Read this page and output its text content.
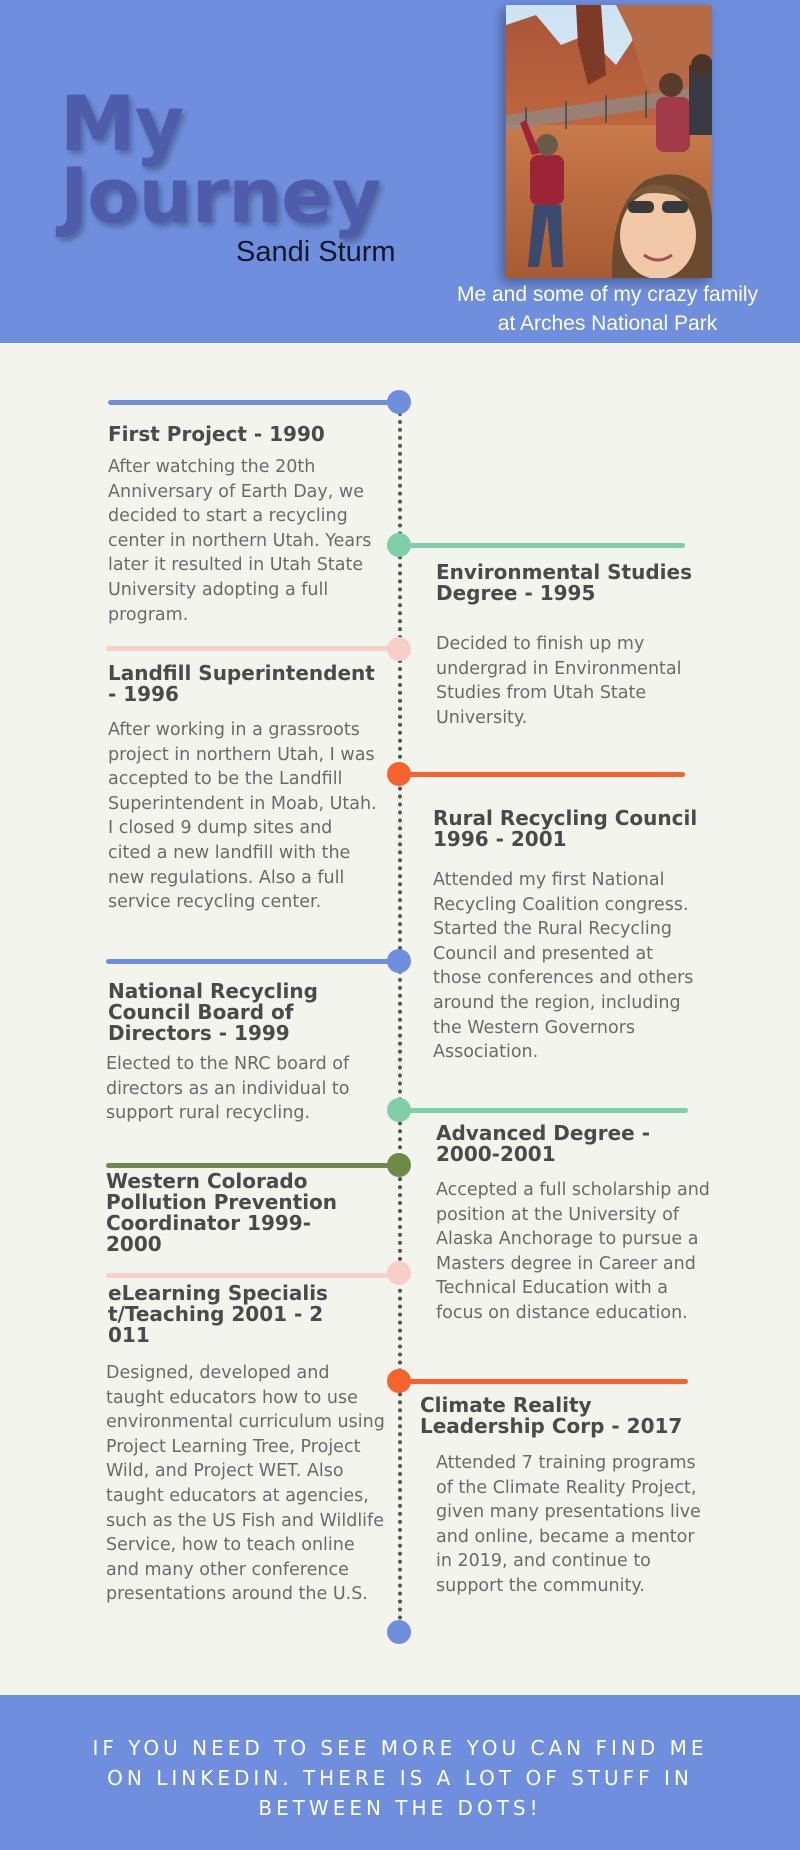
My
Journey
Sandi Sturm
Me and some of my crazy family
at Arches National Park
First Project - 1990

After watching the 20th Anniversary of Earth Day, we decided to start a recycling center in northern Utah. Years later it resulted in Utah State University adopting a full program.

Environmental Studies Degree - 1995

Decided to finish up my undergrad in Environmental Studies from Utah State University.

Landfill Superintendent - 1996

After working in a grassroots project in northern Utah, I was accepted to be the Landfill Superintendent in Moab, Utah. I closed 9 dump sites and cited a new landfill with the new regulations. Also a full service recycling center.

Rural Recycling Council 1996 - 2001

Attended my first National Recycling Coalition congress. Started the Rural Recycling Council and presented at those conferences and others around the region, including the Western Governors Association.

National Recycling Council Board of Directors - 1999

Elected to the NRC board of directors as an individual to support rural recycling.

Advanced Degree - 2000-2001

Accepted a full scholarship and position at the University of Alaska Anchorage to pursue a Masters degree in Career and Technical Education with a focus on distance education.

Western Colorado Pollution Prevention Coordinator 1999- 2000
eLearning Specialist/Teaching 2001 - 2011

Designed, developed and taught educators how to use environmental curriculum using Project Learning Tree, Project Wild, and Project WET. Also taught educators at agencies, such as the US Fish and Wildlife Service, how to teach online and many other conference presentations around the U.S.

Climate Reality Leadership Corp - 2017

Attended 7 training programs of the Climate Reality Project, given many presentations live and online, became a mentor in 2019, and continue to support the community.

IF YOU NEED TO SEE MORE YOU CAN FIND ME ON LINKEDIN. THERE IS A LOT OF STUFF IN BETWEEN THE DOTS!
